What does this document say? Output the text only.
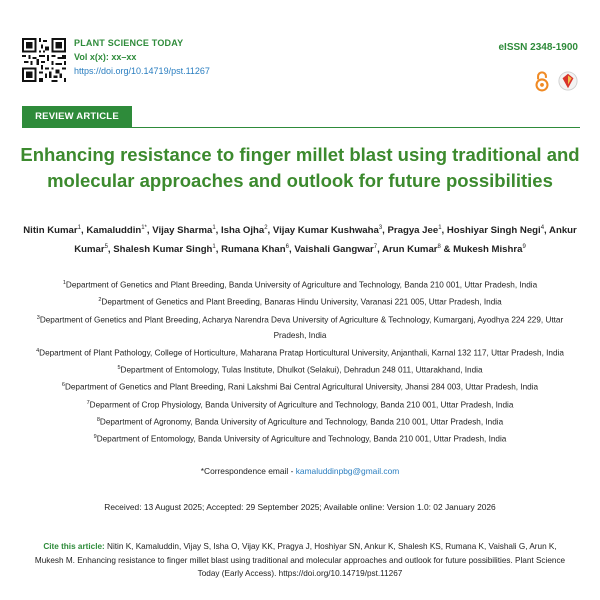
PLANT SCIENCE TODAY
Vol x(x): xx–xx
https://doi.org/10.14719/pst.11267
eISSN 2348-1900
REVIEW ARTICLE
Enhancing resistance to finger millet blast using traditional and
molecular approaches and outlook for future possibilities
Nitin Kumar$^1$, Kamaluddin$^{1*}$, Vijay Sharma$^1$, Isha Ojha$^2$, Vijay Kumar Kushwaha$^3$, Pragya Jee$^1$, Hoshiyar Singh Negi$^4$, Ankur Kumar$^5$, Shalesh Kumar Singh$^1$, Rumana Khan$^6$, Vaishali Gangwar$^7$, Arun Kumar$^8$ & Mukesh Mishra$^9$
$^1$Department of Genetics and Plant Breeding, Banda University of Agriculture and Technology, Banda 210 001, Uttar Pradesh, India
$^2$Department of Genetics and Plant Breeding, Banaras Hindu University, Varanasi 221 005, Uttar Pradesh, India
$^3$Department of Genetics and Plant Breeding, Acharya Narendra Deva University of Agriculture & Technology, Kumarganj, Ayodhya 224 229, Uttar Pradesh, India
$^4$Department of Plant Pathology, College of Horticulture, Maharana Pratap Horticultural University, Anjanthali, Karnal 132 117, Uttar Pradesh, India
$^5$Department of Entomology, Tulas Institute, Dhulkot (Selakui), Dehradun 248 011, Uttarakhand, India
$^6$Department of Genetics and Plant Breeding, Rani Lakshmi Bai Central Agricultural University, Jhansi 284 003, Uttar Pradesh, India
$^7$Deparment of Crop Physiology, Banda University of Agriculture and Technology, Banda 210 001, Uttar Pradesh, India
$^8$Department of Agronomy, Banda University of Agriculture and Technology, Banda 210 001, Uttar Pradesh, India
$^9$Department of Entomology, Banda University of Agriculture and Technology, Banda 210 001, Uttar Pradesh, India
*Correspondence email - kamaluddinpbg@gmail.com
Received: 13 August 2025; Accepted: 29 September 2025; Available online: Version 1.0: 02 January 2026
Cite this article: Nitin K, Kamaluddin, Vijay S, Isha O, Vijay KK, Pragya J, Hoshiyar SN, Ankur K, Shalesh KS, Rumana K, Vaishali G, Arun K, Mukesh M. Enhancing resistance to finger millet blast using traditional and molecular approaches and outlook for future possibilities. Plant Science Today (Early Access). https://doi.org/10.14719/pst.11267
